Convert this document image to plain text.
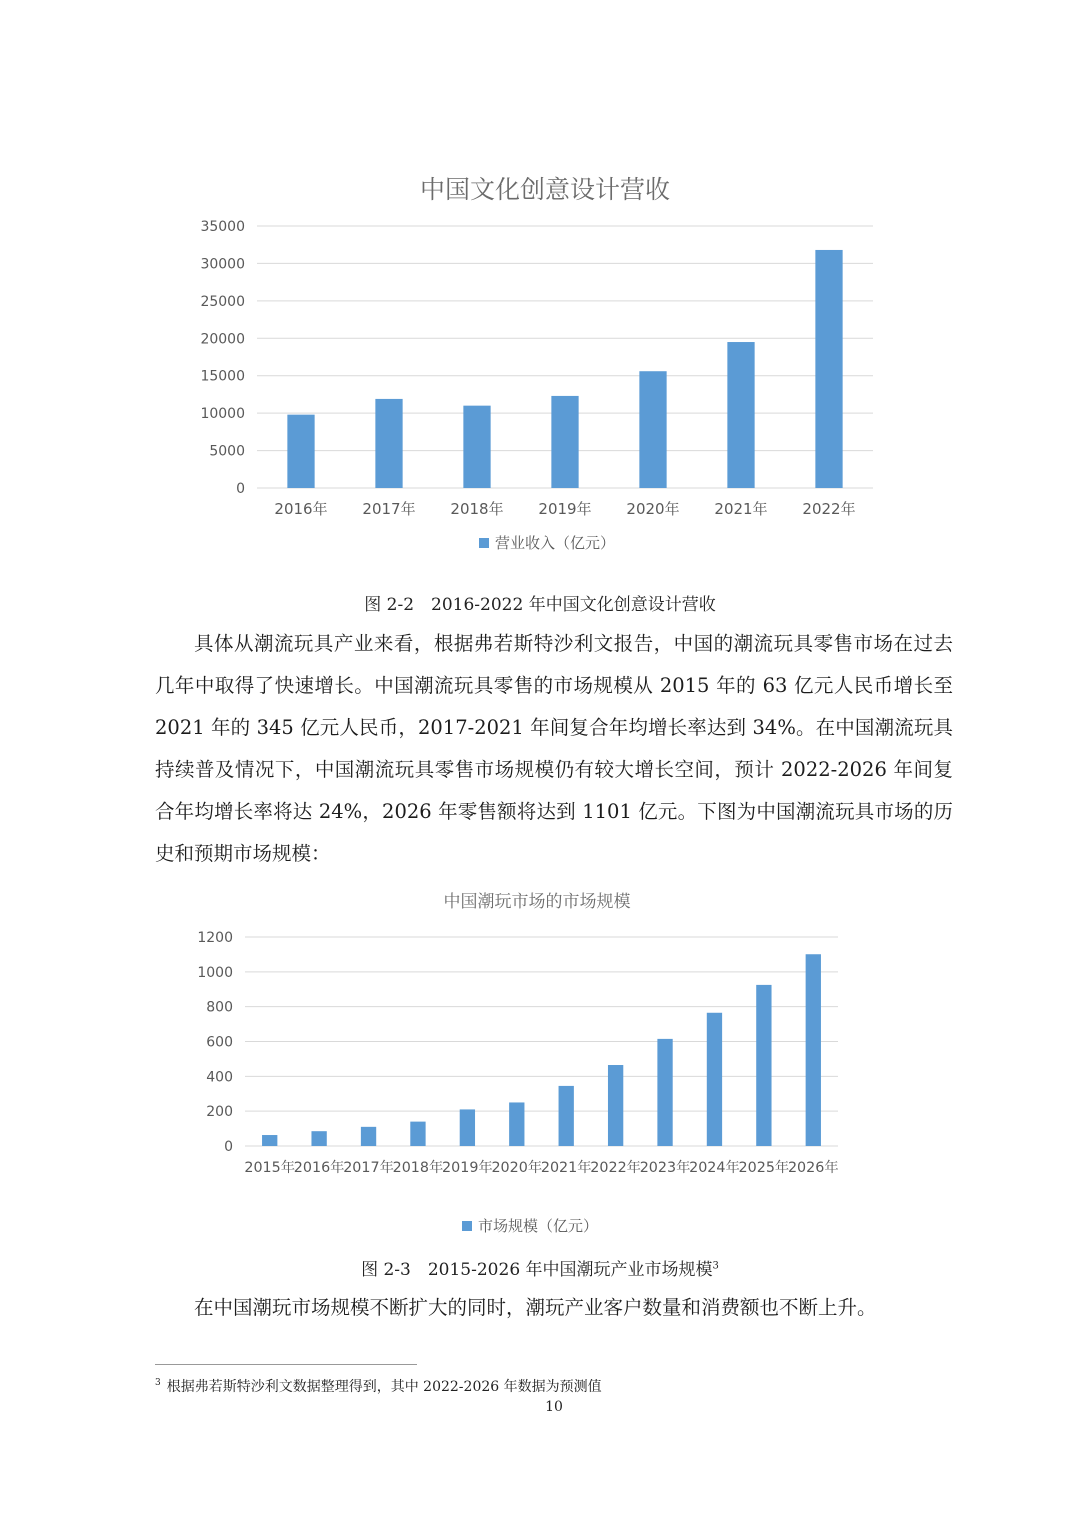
中国文化创意设计营收
0
5000
10000
15000
20000
25000
30000
35000
2016年 2017年 2018年 2019年 2020年 2021年 2022年
营业收入（亿元）
图 2-2　2016-2022 年中国文化创意设计营收

具体从潮流玩具产业来看，根据弗若斯特沙利文报告，中国的潮流玩具零售市场在过去几年中取得了快速增长。中国潮流玩具零售的市场规模从 2015 年的 63 亿元人民币增长至 2021 年的 345 亿元人民币，2017-2021 年间复合年均增长率达到 34%。在中国潮流玩具持续普及情况下，中国潮流玩具零售市场规模仍有较大增长空间，预计 2022-2026 年间复合年均增长率将达 24%，2026 年零售额将达到 1101 亿元。下图为中国潮流玩具市场的历史和预期市场规模：

中国潮玩市场的市场规模
0
200
400
600
800
1000
1200
2015年
2016年
2017年
2018年
2019年
2020年
2021年
2022年
2023年
2024年
2025年
2026年
市场规模（亿元）
图 2-3　2015-2026 年中国潮玩产业市场规模$^3$

在中国潮玩市场规模不断扩大的同时，潮玩产业客户数量和消费额也不断上升。

$^3$ 根据弗若斯特沙利文数据整理得到，其中 2022-2026 年数据为预测值
10
